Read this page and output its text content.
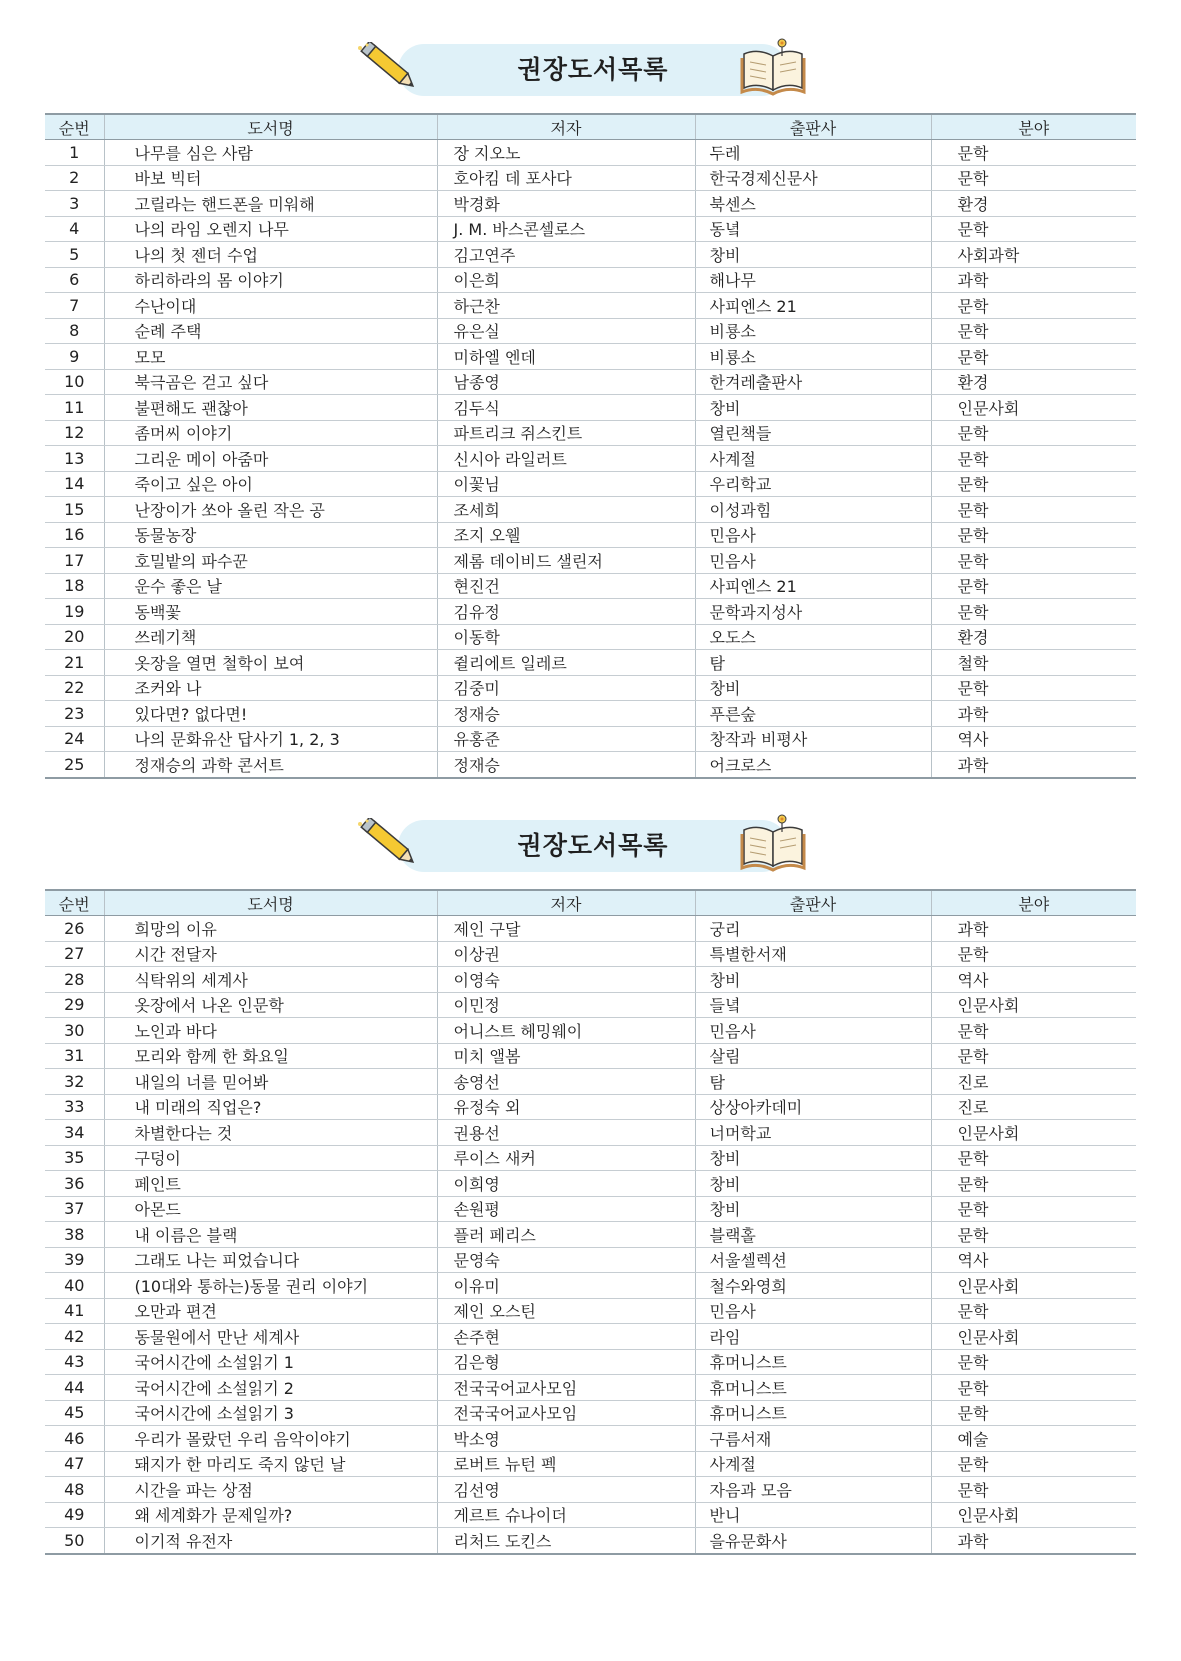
권장도서목록
순번	도서명	저자	출판사	분야
1	나무를 심은 사람	장 지오노	두레	문학
2	바보 빅터	호아킴 데 포사다	한국경제신문사	문학
3	고릴라는 핸드폰을 미워해	박경화	북센스	환경
4	나의 라임 오렌지 나무	J. M. 바스콘셀로스	동녘	문학
5	나의 첫 젠더 수업	김고연주	창비	사회과학
6	하리하라의 몸 이야기	이은희	해나무	과학
7	수난이대	하근찬	사피엔스 21	문학
8	순례 주택	유은실	비룡소	문학
9	모모	미하엘 엔데	비룡소	문학
10	북극곰은 걷고 싶다	남종영	한겨레출판사	환경
11	불편해도 괜찮아	김두식	창비	인문사회
12	좀머씨 이야기	파트리크 쥐스킨트	열린책들	문학
13	그리운 메이 아줌마	신시아 라일러트	사계절	문학
14	죽이고 싶은 아이	이꽃님	우리학교	문학
15	난장이가 쏘아 올린 작은 공	조세희	이성과힘	문학
16	동물농장	조지 오웰	민음사	문학
17	호밀밭의 파수꾼	제롬 데이비드 샐린저	민음사	문학
18	운수 좋은 날	현진건	사피엔스 21	문학
19	동백꽃	김유정	문학과지성사	문학
20	쓰레기책	이동학	오도스	환경
21	옷장을 열면 철학이 보여	쥘리에트 일레르	탐	철학
22	조커와 나	김중미	창비	문학
23	있다면? 없다면!	정재승	푸른숲	과학
24	나의 문화유산 답사기 1, 2, 3	유홍준	창작과 비평사	역사
25	정재승의 과학 콘서트	정재승	어크로스	과학
권장도서목록
순번	도서명	저자	출판사	분야
26	희망의 이유	제인 구달	궁리	과학
27	시간 전달자	이상권	특별한서재	문학
28	식탁위의 세계사	이영숙	창비	역사
29	옷장에서 나온 인문학	이민정	들녘	인문사회
30	노인과 바다	어니스트 헤밍웨이	민음사	문학
31	모리와 함께 한 화요일	미치 앨봄	살림	문학
32	내일의 너를 믿어봐	송영선	탐	진로
33	내 미래의 직업은?	유정숙 외	상상아카데미	진로
34	차별한다는 것	권용선	너머학교	인문사회
35	구덩이	루이스 새커	창비	문학
36	페인트	이희영	창비	문학
37	아몬드	손원평	창비	문학
38	내 이름은 블랙	플러 페리스	블랙홀	문학
39	그래도 나는 피었습니다	문영숙	서울셀렉션	역사
40	(10대와 통하는)동물 권리 이야기	이유미	철수와영희	인문사회
41	오만과 편견	제인 오스틴	민음사	문학
42	동물원에서 만난 세계사	손주현	라임	인문사회
43	국어시간에 소설읽기 1	김은형	휴머니스트	문학
44	국어시간에 소설읽기 2	전국국어교사모임	휴머니스트	문학
45	국어시간에 소설읽기 3	전국국어교사모임	휴머니스트	문학
46	우리가 몰랐던 우리 음악이야기	박소영	구름서재	예술
47	돼지가 한 마리도 죽지 않던 날	로버트 뉴턴 펙	사계절	문학
48	시간을 파는 상점	김선영	자음과 모음	문학
49	왜 세계화가 문제일까?	게르트 슈나이더	반니	인문사회
50	이기적 유전자	리처드 도킨스	을유문화사	과학
